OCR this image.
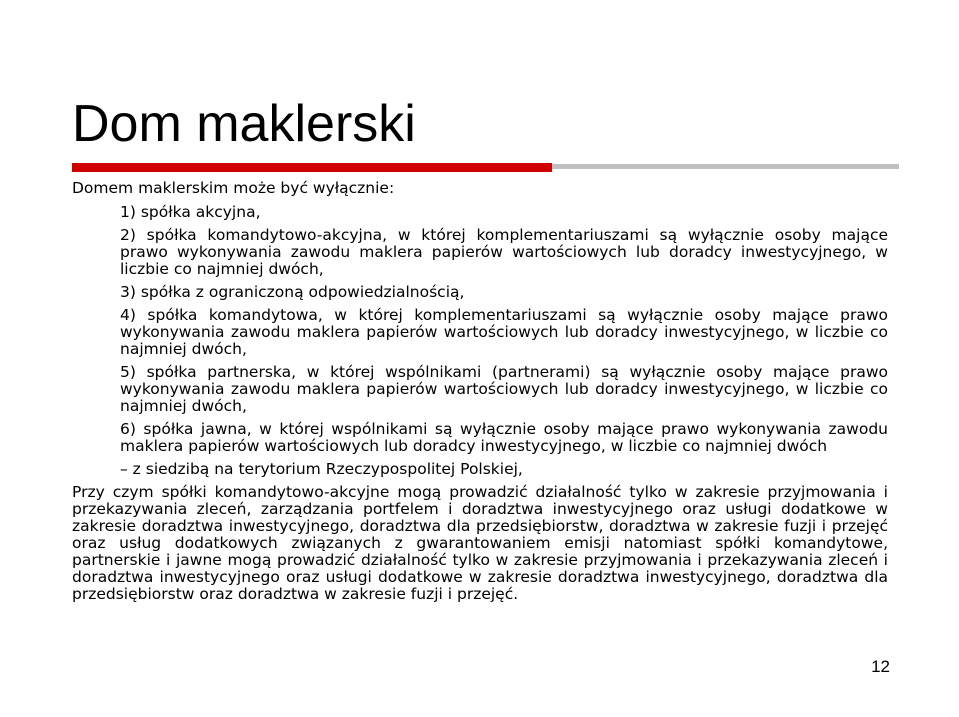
Dom maklerski

Domem maklerskim może być wyłącznie:

1) spółka akcyjna,
2) spółka komandytowo-akcyjna, w której komplementariuszami są wyłącznie osoby mające prawo wykonywania zawodu maklera papierów wartościowych lub doradcy inwestycyjnego, w liczbie co najmniej dwóch,
3) spółka z ograniczoną odpowiedzialnością,
4) spółka komandytowa, w której komplementariuszami są wyłącznie osoby mające prawo wykonywania zawodu maklera papierów wartościowych lub doradcy inwestycyjnego, w liczbie co najmniej dwóch,
5) spółka partnerska, w której wspólnikami (partnerami) są wyłącznie osoby mające prawo wykonywania zawodu maklera papierów wartościowych lub doradcy inwestycyjnego, w liczbie co najmniej dwóch,
6) spółka jawna, w której wspólnikami są wyłącznie osoby mające prawo wykonywania zawodu maklera papierów wartościowych lub doradcy inwestycyjnego, w liczbie co najmniej dwóch
– z siedzibą na terytorium Rzeczypospolitej Polskiej,

Przy czym spółki komandytowo-akcyjne mogą prowadzić działalność tylko w zakresie przyjmowania i przekazywania zleceń, zarządzania portfelem i doradztwa inwestycyjnego oraz usługi dodatkowe w zakresie doradztwa inwestycyjnego, doradztwa dla przedsiębiorstw, doradztwa w zakresie fuzji i przejęć oraz usług dodatkowych związanych z gwarantowaniem emisji natomiast spółki komandytowe, partnerskie i jawne mogą prowadzić działalność tylko w zakresie przyjmowania i przekazywania zleceń i doradztwa inwestycyjnego oraz usługi dodatkowe w zakresie doradztwa inwestycyjnego, doradztwa dla przedsiębiorstw oraz doradztwa w zakresie fuzji i przejęć.

12
